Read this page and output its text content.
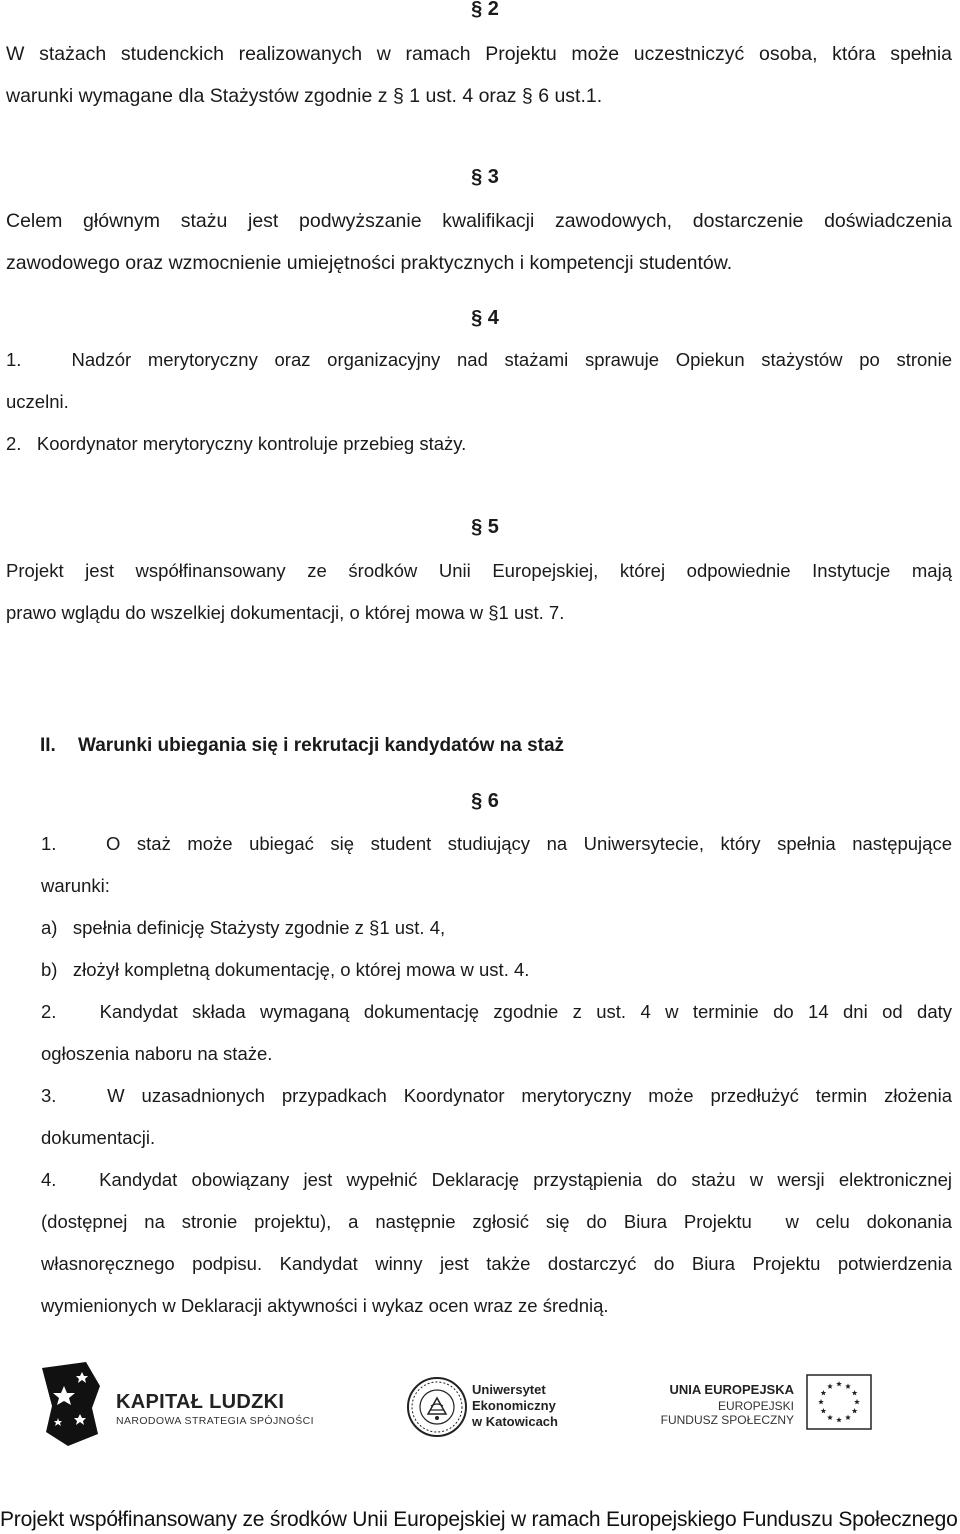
§ 2
W stażach studenckich realizowanych w ramach Projektu może uczestniczyć osoba, która spełnia
warunki wymagane dla Stażystów zgodnie z § 1 ust. 4 oraz § 6 ust.1.
§ 3
Celem głównym stażu jest podwyższanie kwalifikacji zawodowych, dostarczenie doświadczenia
zawodowego oraz wzmocnienie umiejętności praktycznych i kompetencji studentów.
§ 4
1.   Nadzór merytoryczny oraz organizacyjny nad stażami sprawuje Opiekun stażystów po stronie
uczelni.
2.   Koordynator merytoryczny kontroluje przebieg staży.
§ 5
Projekt jest współfinansowany ze środków Unii Europejskiej, której odpowiednie Instytucje mają
prawo wglądu do wszelkiej dokumentacji, o której mowa w §1 ust. 7.
II. Warunki ubiegania się i rekrutacji kandydatów na staż
§ 6
1.   O staż może ubiegać się student studiujący na Uniwersytecie, który spełnia następujące
warunki:
a)   spełnia definicję Stażysty zgodnie z §1 ust. 4,
b)   złożył kompletną dokumentację, o której mowa w ust. 4.
2.   Kandydat składa wymaganą dokumentację zgodnie z ust. 4 w terminie do 14 dni od daty
ogłoszenia naboru na staże.
3.   W uzasadnionych przypadkach Koordynator merytoryczny może przedłużyć termin złożenia
dokumentacji.
4.   Kandydat obowiązany jest wypełnić Deklarację przystąpienia do stażu w wersji elektronicznej
(dostępnej na stronie projektu), a następnie zgłosić się do Biura Projektu  w celu dokonania
własnoręcznego podpisu. Kandydat winny jest także dostarczyć do Biura Projektu potwierdzenia
wymienionych w Deklaracji aktywności i wykaz ocen wraz ze średnią.
KAPITAŁ LUDZKI
NARODOWA STRATEGIA SPÓJNOŚCI
Uniwersytet
Ekonomiczny
w Katowicach
UNIA EUROPEJSKA
EUROPEJSKI
FUNDUSZ SPOŁECZNY
Projekt współfinansowany ze środków Unii Europejskiej w ramach Europejskiego Funduszu Społecznego
